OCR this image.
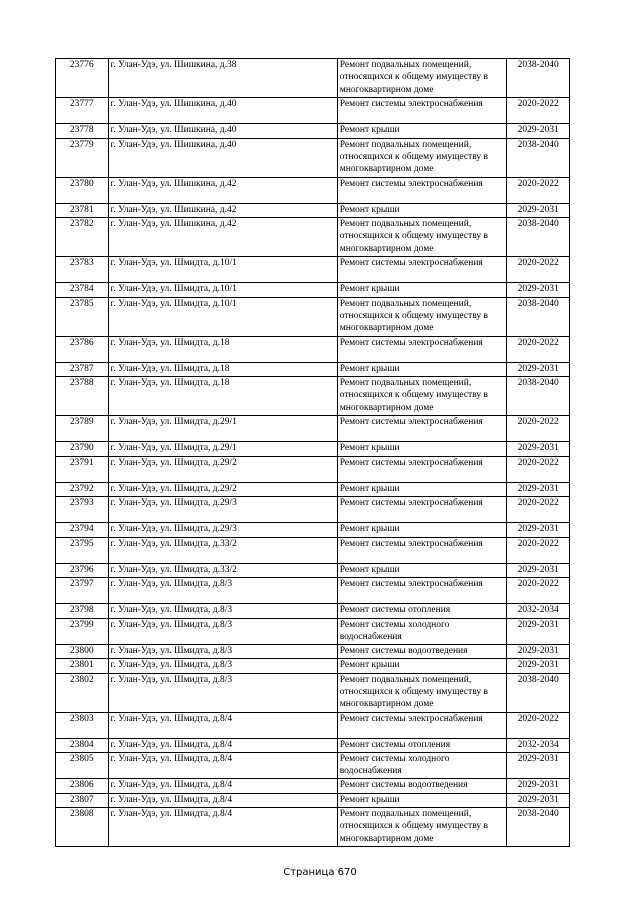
23776	г. Улан-Удэ, ул. Шишкина, д.38	Ремонт подвальных помещений, относящихся к общему имуществу в многоквартирном доме	2038-2040
23777	г. Улан-Удэ, ул. Шишкина, д.40	Ремонт системы электроснабжения	2020-2022
23778	г. Улан-Удэ, ул. Шишкина, д.40	Ремонт крыши	2029-2031
23779	г. Улан-Удэ, ул. Шишкина, д.40	Ремонт подвальных помещений, относящихся к общему имуществу в многоквартирном доме	2038-2040
23780	г. Улан-Удэ, ул. Шишкина, д.42	Ремонт системы электроснабжения	2020-2022
23781	г. Улан-Удэ, ул. Шишкина, д.42	Ремонт крыши	2029-2031
23782	г. Улан-Удэ, ул. Шишкина, д.42	Ремонт подвальных помещений, относящихся к общему имуществу в многоквартирном доме	2038-2040
23783	г. Улан-Удэ, ул. Шмидта, д.10/1	Ремонт системы электроснабжения	2020-2022
23784	г. Улан-Удэ, ул. Шмидта, д.10/1	Ремонт крыши	2029-2031
23785	г. Улан-Удэ, ул. Шмидта, д.10/1	Ремонт подвальных помещений, относящихся к общему имуществу в многоквартирном доме	2038-2040
23786	г. Улан-Удэ, ул. Шмидта, д.18	Ремонт системы электроснабжения	2020-2022
23787	г. Улан-Удэ, ул. Шмидта, д.18	Ремонт крыши	2029-2031
23788	г. Улан-Удэ, ул. Шмидта, д.18	Ремонт подвальных помещений, относящихся к общему имуществу в многоквартирном доме	2038-2040
23789	г. Улан-Удэ, ул. Шмидта, д.29/1	Ремонт системы электроснабжения	2020-2022
23790	г. Улан-Удэ, ул. Шмидта, д.29/1	Ремонт крыши	2029-2031
23791	г. Улан-Удэ, ул. Шмидта, д.29/2	Ремонт системы электроснабжения	2020-2022
23792	г. Улан-Удэ, ул. Шмидта, д.29/2	Ремонт крыши	2029-2031
23793	г. Улан-Удэ, ул. Шмидта, д.29/3	Ремонт системы электроснабжения	2020-2022
23794	г. Улан-Удэ, ул. Шмидта, д.29/3	Ремонт крыши	2029-2031
23795	г. Улан-Удэ, ул. Шмидта, д.33/2	Ремонт системы электроснабжения	2020-2022
23796	г. Улан-Удэ, ул. Шмидта, д.33/2	Ремонт крыши	2029-2031
23797	г. Улан-Удэ, ул. Шмидта, д.8/3	Ремонт системы электроснабжения	2020-2022
23798	г. Улан-Удэ, ул. Шмидта, д.8/3	Ремонт системы отопления	2032-2034
23799	г. Улан-Удэ, ул. Шмидта, д.8/3	Ремонт системы холодного водоснабжения	2029-2031
23800	г. Улан-Удэ, ул. Шмидта, д.8/3	Ремонт системы водоотведения	2029-2031
23801	г. Улан-Удэ, ул. Шмидта, д.8/3	Ремонт крыши	2029-2031
23802	г. Улан-Удэ, ул. Шмидта, д.8/3	Ремонт подвальных помещений, относящихся к общему имуществу в многоквартирном доме	2038-2040
23803	г. Улан-Удэ, ул. Шмидта, д.8/4	Ремонт системы электроснабжения	2020-2022
23804	г. Улан-Удэ, ул. Шмидта, д.8/4	Ремонт системы отопления	2032-2034
23805	г. Улан-Удэ, ул. Шмидта, д.8/4	Ремонт системы холодного водоснабжения	2029-2031
23806	г. Улан-Удэ, ул. Шмидта, д.8/4	Ремонт системы водоотведения	2029-2031
23807	г. Улан-Удэ, ул. Шмидта, д.8/4	Ремонт крыши	2029-2031
23808	г. Улан-Удэ, ул. Шмидта, д.8/4	Ремонт подвальных помещений, относящихся к общему имуществу в многоквартирном доме	2038-2040
Страница 670
